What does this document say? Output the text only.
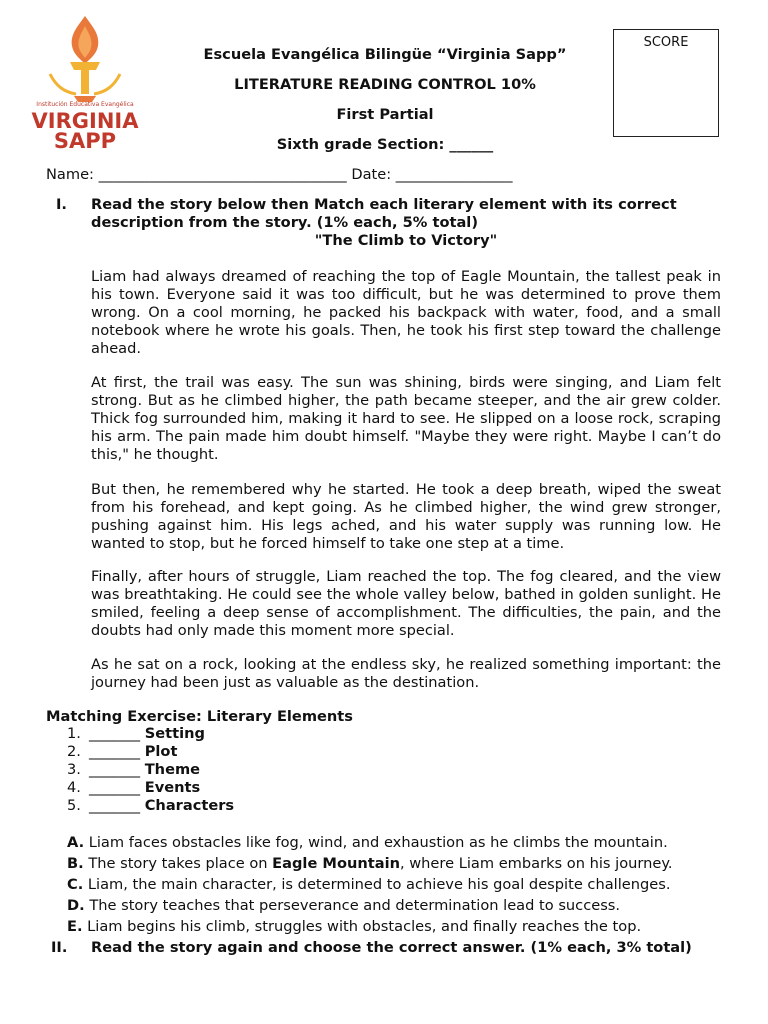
Institución Educativa Evangélica
VIRGINIA
SAPP
Escuela Evangélica Bilingüe “Virginia Sapp”
LITERATURE READING CONTROL 10%
First Partial
Sixth grade Section: ______
SCORE
Name: __________________________________ Date: ________________
I. Read the story below then Match each literary element with its correct description from the story. (1% each, 5% total)
"The Climb to Victory"
Liam had always dreamed of reaching the top of Eagle Mountain, the tallest peak in his town. Everyone said it was too difficult, but he was determined to prove them wrong. On a cool morning, he packed his backpack with water, food, and a small notebook where he wrote his goals. Then, he took his first step toward the challenge ahead.
At first, the trail was easy. The sun was shining, birds were singing, and Liam felt strong. But as he climbed higher, the path became steeper, and the air grew colder. Thick fog surrounded him, making it hard to see. He slipped on a loose rock, scraping his arm. The pain made him doubt himself. "Maybe they were right. Maybe I can’t do this," he thought.
But then, he remembered why he started. He took a deep breath, wiped the sweat from his forehead, and kept going. As he climbed higher, the wind grew stronger, pushing against him. His legs ached, and his water supply was running low. He wanted to stop, but he forced himself to take one step at a time.
Finally, after hours of struggle, Liam reached the top. The fog cleared, and the view was breathtaking. He could see the whole valley below, bathed in golden sunlight. He smiled, feeling a deep sense of accomplishment. The difficulties, the pain, and the doubts had only made this moment more special.
As he sat on a rock, looking at the endless sky, he realized something important: the journey had been just as valuable as the destination.
Matching Exercise: Literary Elements
1. _______ Setting
2. _______ Plot
3. _______ Theme
4. _______ Events
5. _______ Characters
A. Liam faces obstacles like fog, wind, and exhaustion as he climbs the mountain.
B. The story takes place on Eagle Mountain, where Liam embarks on his journey.
C. Liam, the main character, is determined to achieve his goal despite challenges.
D. The story teaches that perseverance and determination lead to success.
E. Liam begins his climb, struggles with obstacles, and finally reaches the top.
II. Read the story again and choose the correct answer. (1% each, 3% total)
